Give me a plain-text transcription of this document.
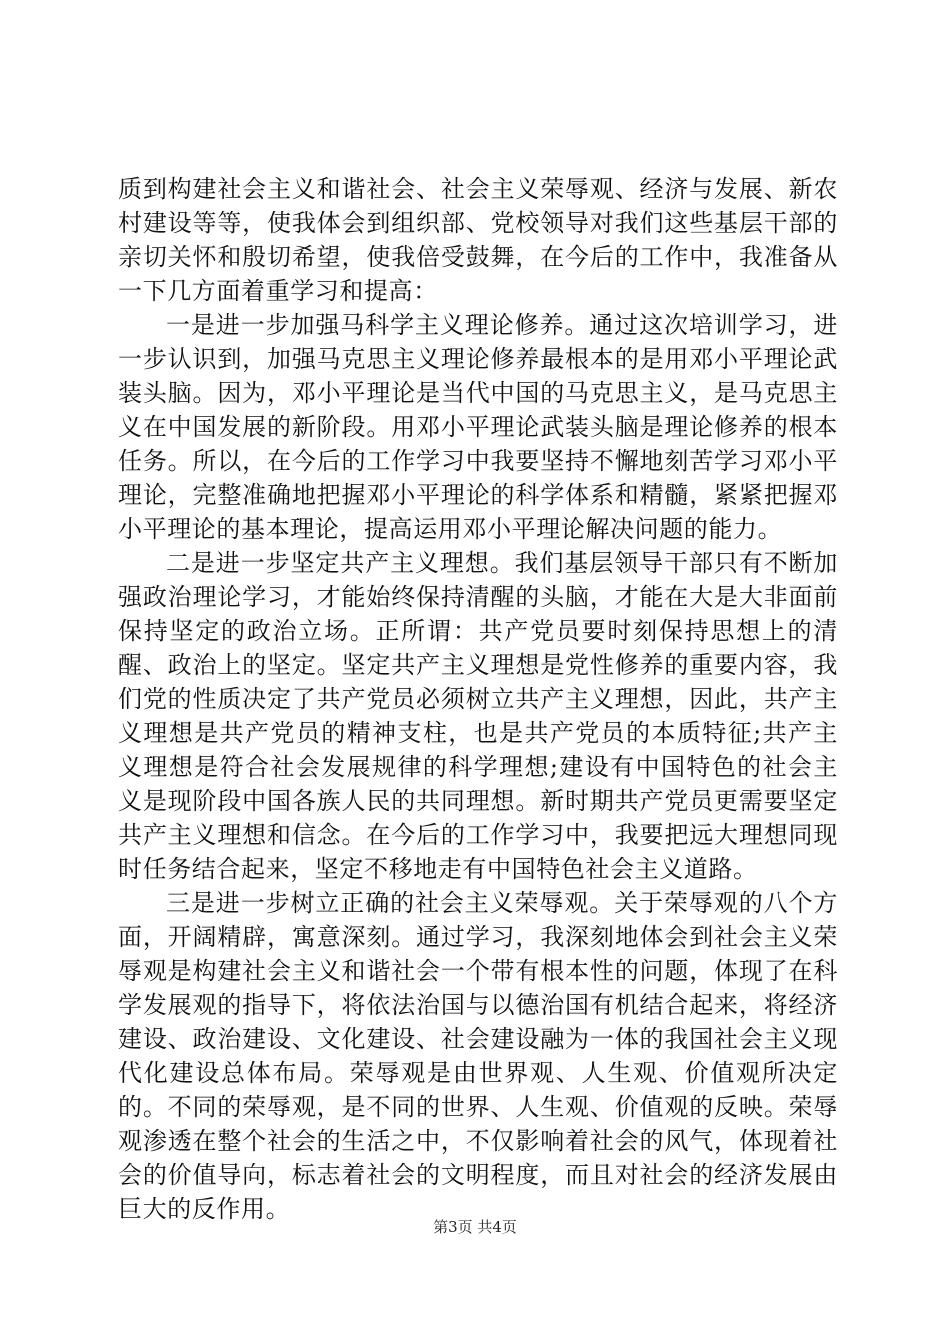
质到构建社会主义和谐社会、社会主义荣辱观、经济与发展、新农村建设等等，使我体会到组织部、党校领导对我们这些基层干部的亲切关怀和殷切希望，使我倍受鼓舞，在今后的工作中，我准备从一下几方面着重学习和提高：

一是进一步加强马科学主义理论修养。通过这次培训学习，进一步认识到，加强马克思主义理论修养最根本的是用邓小平理论武装头脑。因为，邓小平理论是当代中国的马克思主义，是马克思主义在中国发展的新阶段。用邓小平理论武装头脑是理论修养的根本任务。所以，在今后的工作学习中我要坚持不懈地刻苦学习邓小平理论，完整准确地把握邓小平理论的科学体系和精髓，紧紧把握邓小平理论的基本理论，提高运用邓小平理论解决问题的能力。

二是进一步坚定共产主义理想。我们基层领导干部只有不断加强政治理论学习，才能始终保持清醒的头脑，才能在大是大非面前保持坚定的政治立场。正所谓：共产党员要时刻保持思想上的清醒、政治上的坚定。坚定共产主义理想是党性修养的重要内容，我们党的性质决定了共产党员必须树立共产主义理想，因此，共产主义理想是共产党员的精神支柱，也是共产党员的本质特征;共产主义理想是符合社会发展规律的科学理想;建设有中国特色的社会主义是现阶段中国各族人民的共同理想。新时期共产党员更需要坚定共产主义理想和信念。在今后的工作学习中，我要把远大理想同现时任务结合起来，坚定不移地走有中国特色社会主义道路。

三是进一步树立正确的社会主义荣辱观。关于荣辱观的八个方面，开阔精辟，寓意深刻。通过学习，我深刻地体会到社会主义荣辱观是构建社会主义和谐社会一个带有根本性的问题，体现了在科学发展观的指导下，将依法治国与以德治国有机结合起来，将经济建设、政治建设、文化建设、社会建设融为一体的我国社会主义现代化建设总体布局。荣辱观是由世界观、人生观、价值观所决定的。不同的荣辱观，是不同的世界、人生观、价值观的反映。荣辱观渗透在整个社会的生活之中，不仅影响着社会的风气，体现着社会的价值导向，标志着社会的文明程度，而且对社会的经济发展由巨大的反作用。

第3页 共4页
